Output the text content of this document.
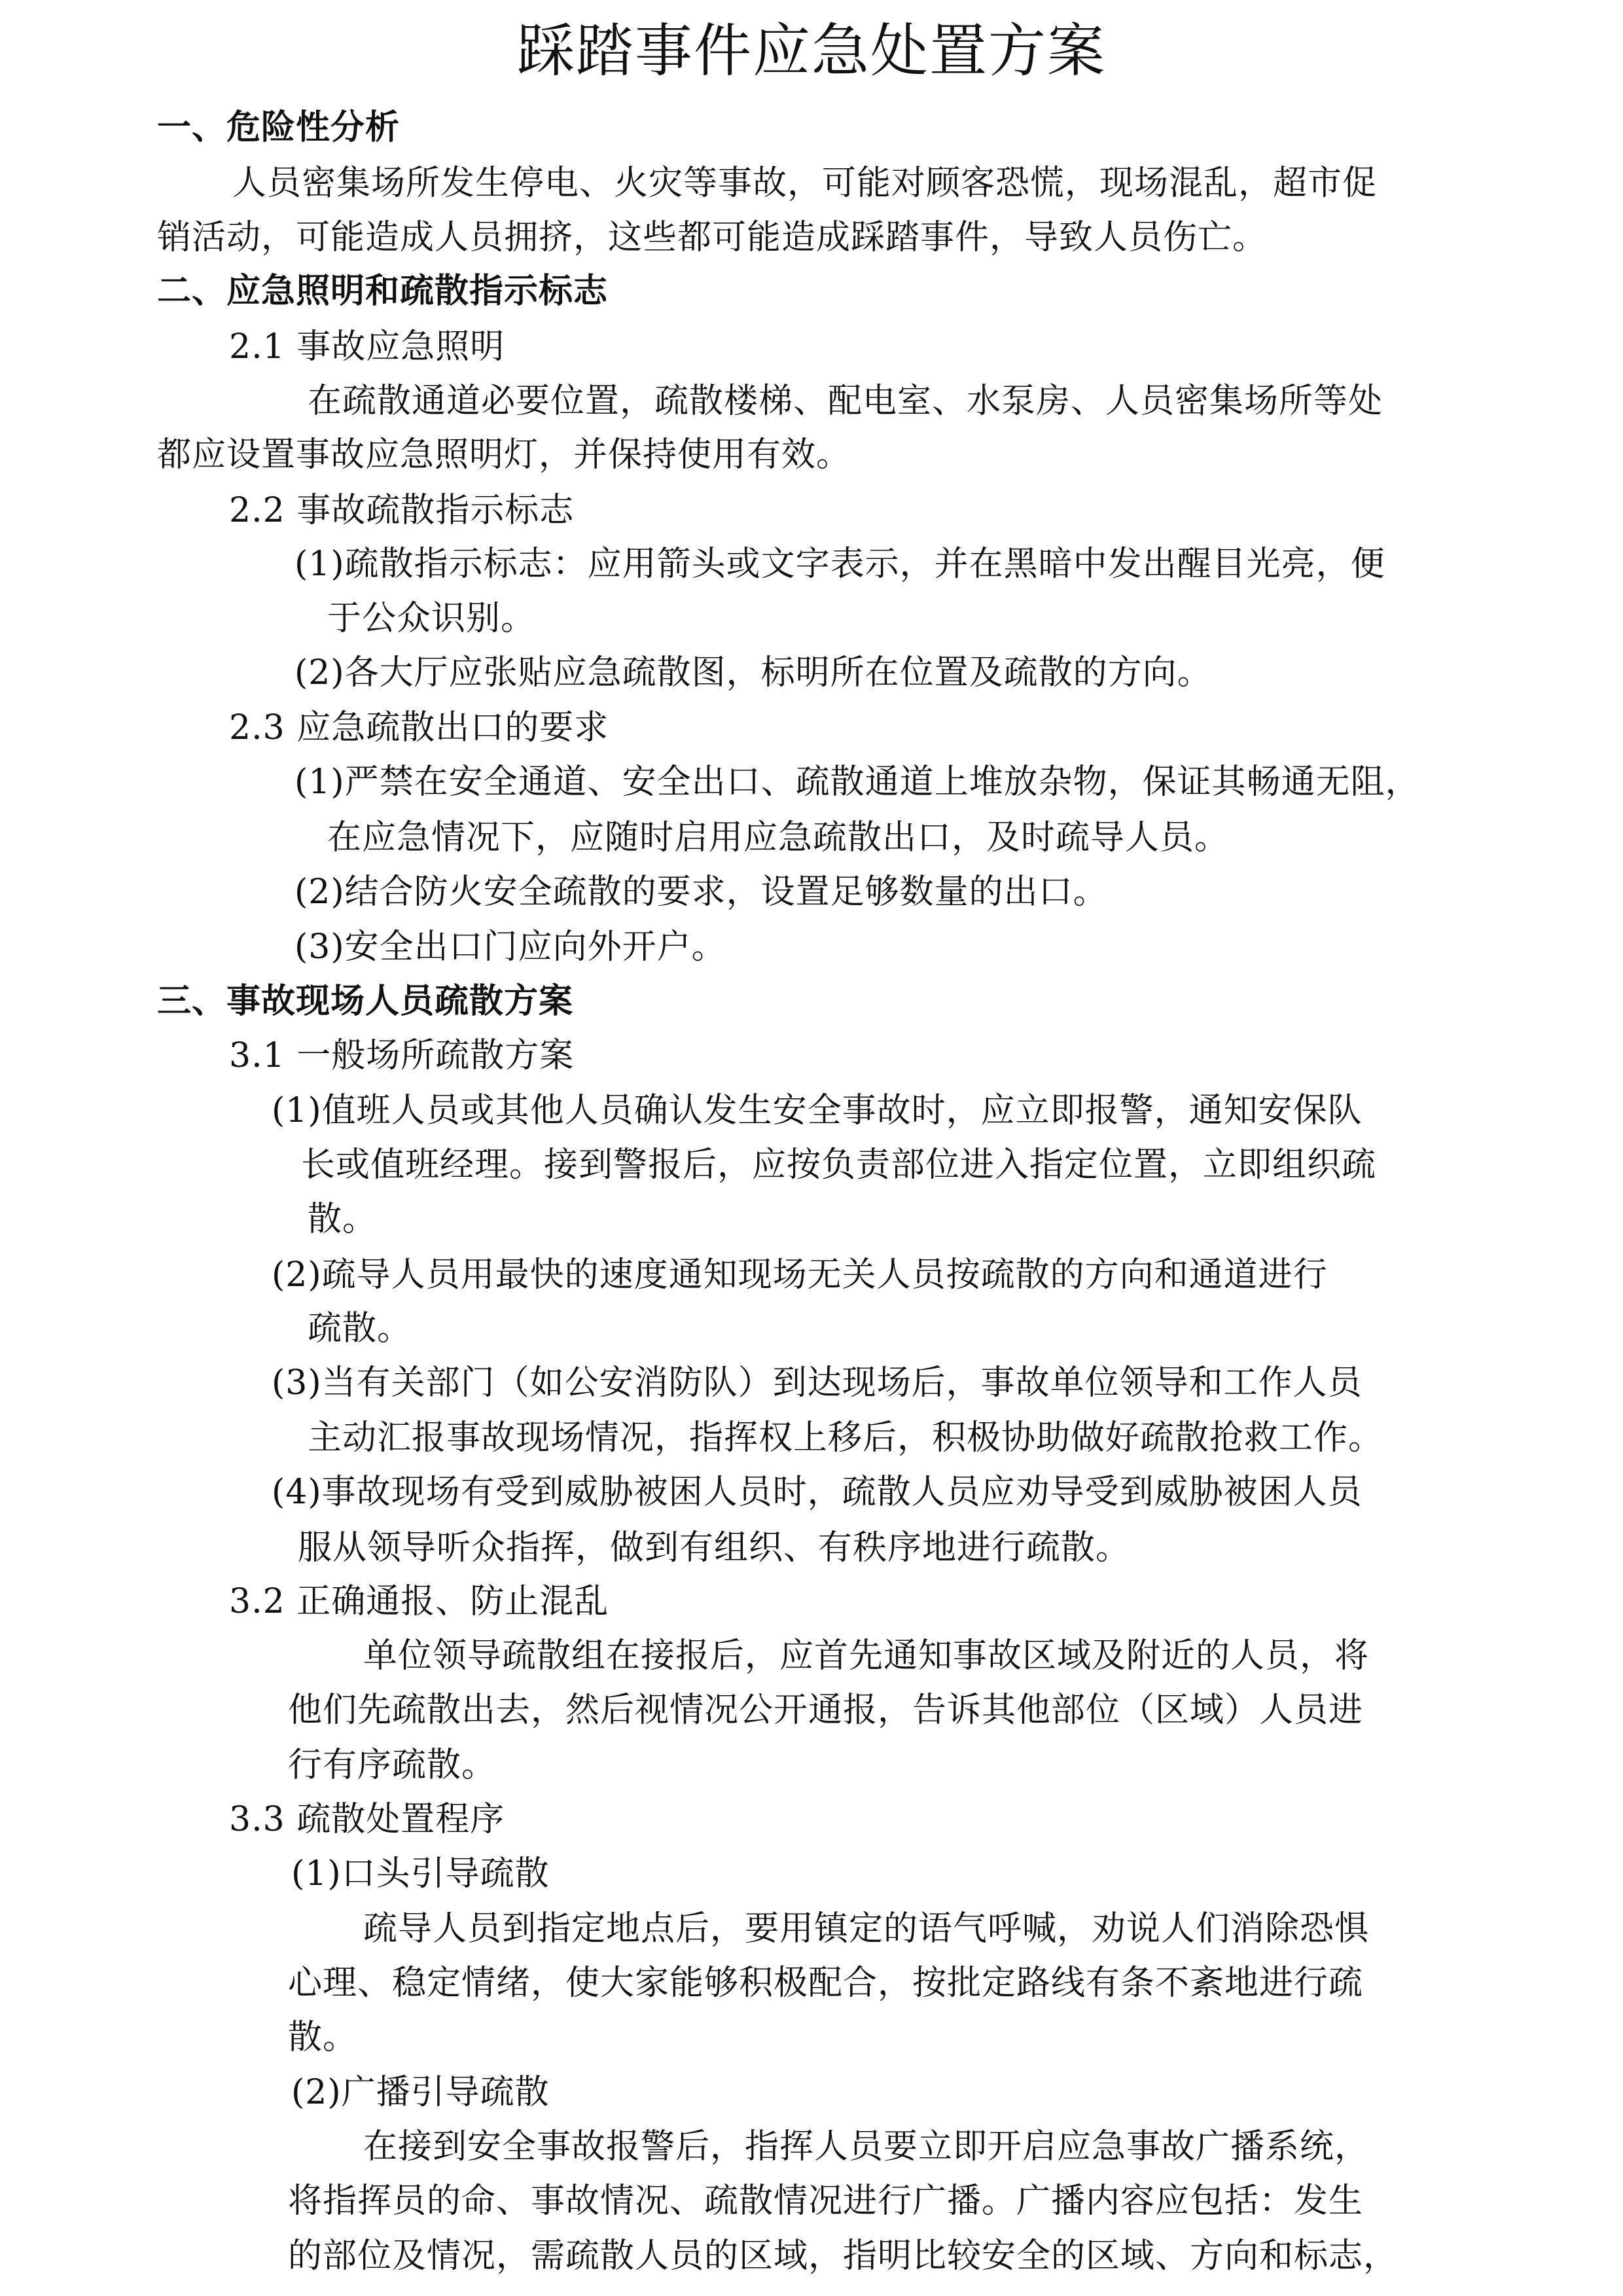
踩踏事件应急处置方案
一、危险性分析
人员密集场所发生停电、火灾等事故，可能对顾客恐慌，现场混乱，超市促
销活动，可能造成人员拥挤，这些都可能造成踩踏事件，导致人员伤亡。
二、应急照明和疏散指示标志
2.1 事故应急照明
在疏散通道必要位置，疏散楼梯、配电室、水泵房、人员密集场所等处
都应设置事故应急照明灯，并保持使用有效。
2.2 事故疏散指示标志
(1)疏散指示标志：应用箭头或文字表示，并在黑暗中发出醒目光亮，便
于公众识别。
(2)各大厅应张贴应急疏散图，标明所在位置及疏散的方向。
2.3 应急疏散出口的要求
(1)严禁在安全通道、安全出口、疏散通道上堆放杂物，保证其畅通无阻，
在应急情况下，应随时启用应急疏散出口，及时疏导人员。
(2)结合防火安全疏散的要求，设置足够数量的出口。
(3)安全出口门应向外开户。
三、事故现场人员疏散方案
3.1 一般场所疏散方案
(1)值班人员或其他人员确认发生安全事故时，应立即报警，通知安保队
长或值班经理。接到警报后，应按负责部位进入指定位置，立即组织疏
散。
(2)疏导人员用最快的速度通知现场无关人员按疏散的方向和通道进行
疏散。
(3)当有关部门（如公安消防队）到达现场后，事故单位领导和工作人员
主动汇报事故现场情况，指挥权上移后，积极协助做好疏散抢救工作。
(4)事故现场有受到威胁被困人员时，疏散人员应劝导受到威胁被困人员
服从领导听众指挥，做到有组织、有秩序地进行疏散。
3.2 正确通报、防止混乱
单位领导疏散组在接报后，应首先通知事故区域及附近的人员，将
他们先疏散出去，然后视情况公开通报，告诉其他部位（区域）人员进
行有序疏散。
3.3 疏散处置程序
(1)口头引导疏散
疏导人员到指定地点后，要用镇定的语气呼喊，劝说人们消除恐惧
心理、稳定情绪，使大家能够积极配合，按批定路线有条不紊地进行疏
散。
(2)广播引导疏散
在接到安全事故报警后，指挥人员要立即开启应急事故广播系统，
将指挥员的命、事故情况、疏散情况进行广播。广播内容应包括：发生
的部位及情况，需疏散人员的区域，指明比较安全的区域、方向和标志，
